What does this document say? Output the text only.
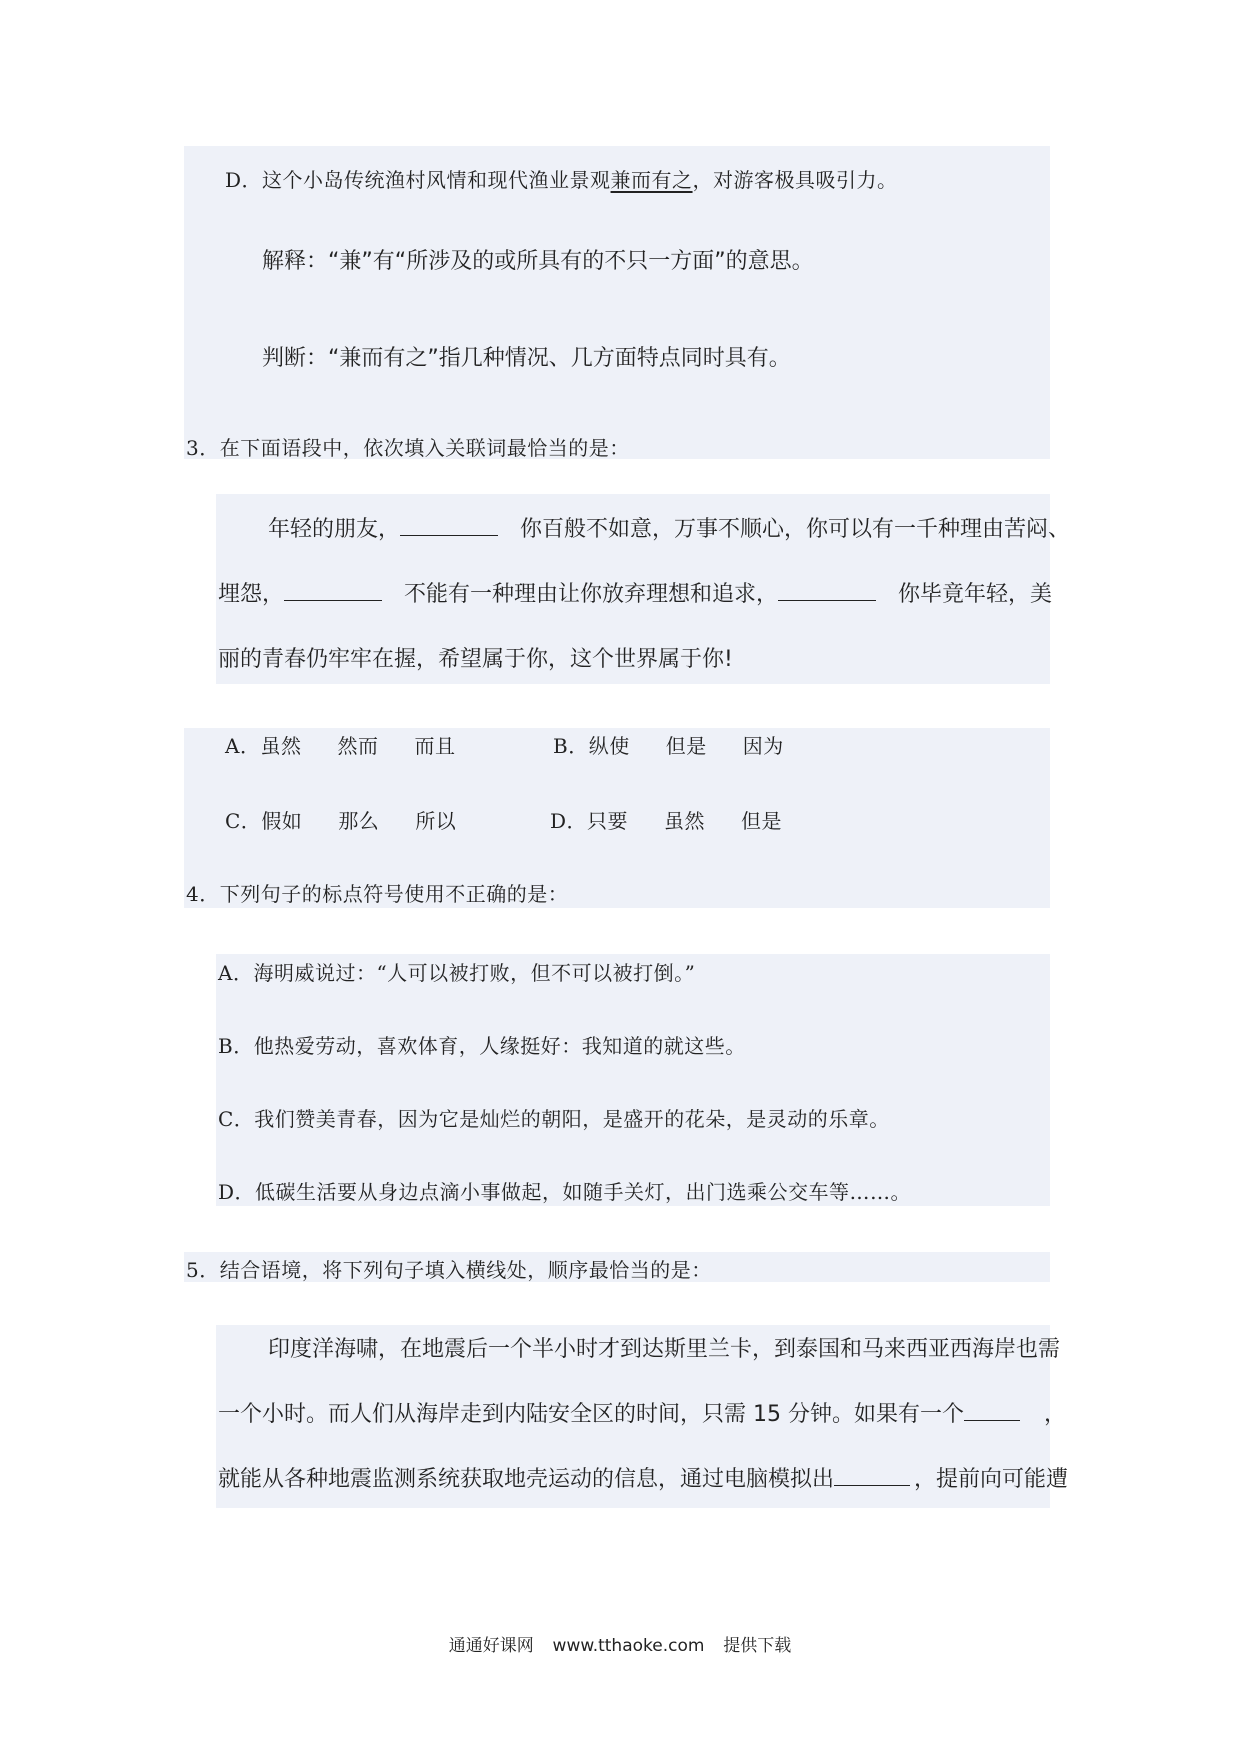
D．这个小岛传统渔村风情和现代渔业景观兼而有之，对游客极具吸引力。
解释：“兼”有“所涉及的或所具有的不只一方面”的意思。
判断：“兼而有之”指几种情况、几方面特点同时具有。
3．在下面语段中，依次填入关联词最恰当的是：
年轻的朋友，	你百般不如意，万事不顺心，你可以有一千种理由苦闷、
埋怨，	不能有一种理由让你放弃理想和追求，	你毕竟年轻，美
丽的青春仍牢牢在握，希望属于你，这个世界属于你!
A．虽然 然而 而且	B．纵使 但是 因为
C．假如 那么 所以	D．只要 虽然 但是
4．下列句子的标点符号使用不正确的是：
A．海明威说过：“人可以被打败，但不可以被打倒。”
B．他热爱劳动，喜欢体育，人缘挺好：我知道的就这些。
C．我们赞美青春，因为它是灿烂的朝阳，是盛开的花朵，是灵动的乐章。
D．低碳生活要从身边点滴小事做起，如随手关灯，出门选乘公交车等……。
5．结合语境，将下列句子填入横线处，顺序最恰当的是：
印度洋海啸，在地震后一个半小时才到达斯里兰卡，到泰国和马来西亚西海岸也需
一个小时。而人们从海岸走到内陆安全区的时间，只需 15 分钟。如果有一个	，
就能从各种地震监测系统获取地壳运动的信息，通过电脑模拟出	，提前向可能遭
通通好课网 www.tthaoke.com 提供下载
